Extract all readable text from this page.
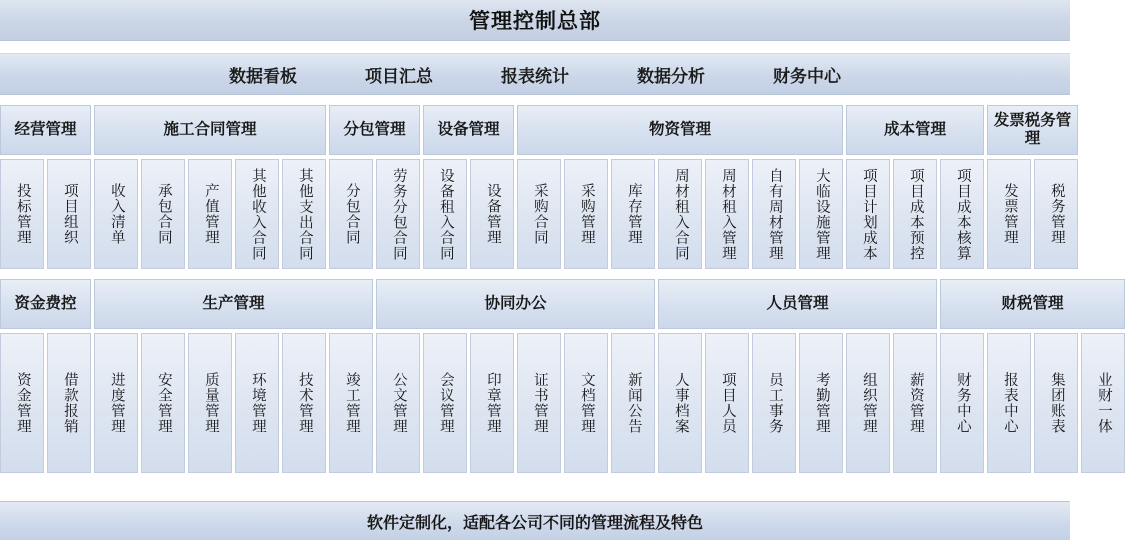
管理控制总部
数据看板	项目汇总	报表统计	数据分析	财务中心
经营管理
投标管理	项目组织
施工合同管理
收入清单	承包合同	产值管理	其他收入合同	其他支出合同
分包管理
分包合同	劳务分包合同
设备管理
设备租入合同	设备管理
物资管理
采购合同	采购管理	库存管理	周材租入合同	周材租入管理	自有周材管理	大临设施管理
成本管理
项目计划成本	项目成本预控	项目成本核算
发票税务管理
发票管理	税务管理
资金费控
资金管理	借款报销
生产管理
进度管理	安全管理	质量管理	环境管理	技术管理	竣工管理
协同办公
公文管理	会议管理	印章管理	证书管理	文档管理	新闻公告
人员管理
人事档案	项目人员	员工事务	考勤管理	组织管理	薪资管理
财税管理
财务中心	报表中心	集团账表	业财一体
软件定制化，适配各公司不同的管理流程及特色
